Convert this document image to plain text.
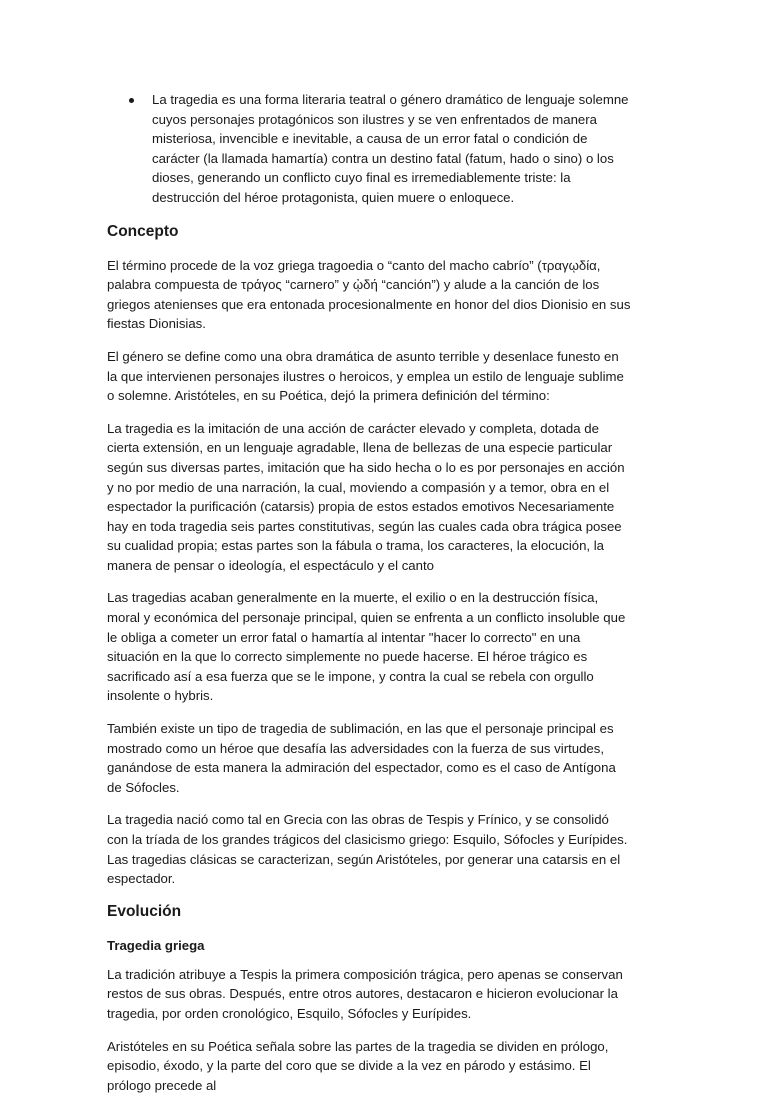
La tragedia es una forma literaria teatral o género dramático de lenguaje solemne cuyos personajes protagónicos son ilustres y se ven enfrentados de manera misteriosa, invencible e inevitable, a causa de un error fatal o condición de carácter (la llamada hamartía) contra un destino fatal (fatum, hado o sino) o los dioses, generando un conflicto cuyo final es irremediablemente triste: la destrucción del héroe protagonista, quien muere o enloquece.

Concepto

El término procede de la voz griega tragoedia o “canto del macho cabrío” (τραγῳδία, palabra compuesta de τράγος “carnero” y ᾠδή “canción”) y alude a la canción de los griegos atenienses que era entonada procesionalmente en honor del dios Dionisio en sus fiestas Dionisias.

El género se define como una obra dramática de asunto terrible y desenlace funesto en la que intervienen personajes ilustres o heroicos, y emplea un estilo de lenguaje sublime o solemne. Aristóteles, en su Poética, dejó la primera definición del término:

La tragedia es la imitación de una acción de carácter elevado y completa, dotada de cierta extensión, en un lenguaje agradable, llena de bellezas de una especie particular según sus diversas partes, imitación que ha sido hecha o lo es por personajes en acción y no por medio de una narración, la cual, moviendo a compasión y a temor, obra en el espectador la purificación (catarsis) propia de estos estados emotivos Necesariamente hay en toda tragedia seis partes constitutivas, según las cuales cada obra trágica posee su cualidad propia; estas partes son la fábula o trama, los caracteres, la elocución, la manera de pensar o ideología, el espectáculo y el canto

Las tragedias acaban generalmente en la muerte, el exilio o en la destrucción física, moral y económica del personaje principal, quien se enfrenta a un conflicto insoluble que le obliga a cometer un error fatal o hamartía al intentar "hacer lo correcto" en una situación en la que lo correcto simplemente no puede hacerse. El héroe trágico es sacrificado así a esa fuerza que se le impone, y contra la cual se rebela con orgullo insolente o hybris.

También existe un tipo de tragedia de sublimación, en las que el personaje principal es mostrado como un héroe que desafía las adversidades con la fuerza de sus virtudes, ganándose de esta manera la admiración del espectador, como es el caso de Antígona de Sófocles.

La tragedia nació como tal en Grecia con las obras de Tespis y Frínico, y se consolidó con la tríada de los grandes trágicos del clasicismo griego: Esquilo, Sófocles y Eurípides. Las tragedias clásicas se caracterizan, según Aristóteles, por generar una catarsis en el espectador.

Evolución
Tragedia griega

La tradición atribuye a Tespis la primera composición trágica, pero apenas se conservan restos de sus obras. Después, entre otros autores, destacaron e hicieron evolucionar la tragedia, por orden cronológico, Esquilo, Sófocles y Eurípides.

Aristóteles en su Poética señala sobre las partes de la tragedia se dividen en prólogo, episodio, éxodo, y la parte del coro que se divide a la vez en párodo y estásimo. El prólogo precede al
